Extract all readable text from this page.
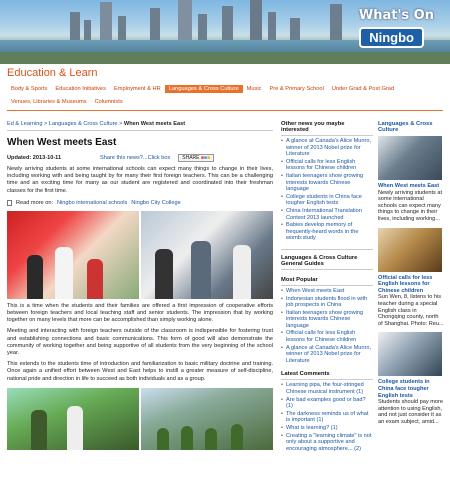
What's On
Ningbo
Education & Learn
Body & Sports	Education Initiatives	Employment & HR	Languages & Cross Culture	Music	Pre & Primary School	Under Grad & Post Grad
Venues, Libraries & Museums	Columnists
Ed & Learning > Languages & Cross Culture > When West meets East
When West meets East
Updated: 2013-10-11	Share this news?...Click box	SHARE ■■■

Newly arriving students at some international schools can expect many things to change in their lives, including working with and being taught by for many their first foreign teachers. This can be a challenging time and an exciting time for many as our student are registered and coordinated into their freshman classes for the first time.

Read more on: Ningbo international schools Ningbo City College

This is a time when the students and their families are offered a first impression of cooperative efforts between foreign teachers and local teaching staff and senior students. The impression that by working together on many levels that more can be accomplished than simply working alone.

Meeting and interacting with foreign teachers outside of the classroom is indispensible for fostering trust and establishing connections and basic communications. This form of good will also demonstrate the community of working together and being supportive of all students from the very beginning of the school year.

This extends to the students time of introduction and familiarization to basic military doctrine and training. Once again a unified effort between West and East helps to instill a greater measure of self-discipline, national pride and direction in life to succeed as both individuals and as a group.

Other news you maybe interested
• A glance at Canada's Alice Munro, winner of 2013 Nobel prize for Literature
• Official calls for less English lessons for Chinese children
• Italian teenagers show growing interests towards Chinese language
• College students in China face tougher English tests
• China International Translation Contest 2013 launched
• Babies develop memory of frequently-heard words in the womb:study
Languages & Cross Culture General Guides
Most Popular
• When West meets East
• Indonesian students flood in with job prospects in China
• Italian teenagers show growing interests towards Chinese language
• Official calls for less English lessons for Chinese children
• A glance at Canada's Alice Munro, winner of 2013 Nobel prize for Literature
Latest Comments
• Learning pipa, the four-stringed Chinese musical instrument (1)
• Are bad examples good or bad? (1)
• The darkness reminds us of what is important (1)
• What is learning? (1)
• Creating a "learning climate" is not only about a supportive and encouraging atmosphere... (2)
Languages & Cross Culture
When West meets East
Newly arriving students at some international schools can expect many things to change in their lives, including working...
Official calls for less English lessons for Chinese children
Sun Wen, 8, listens to his teacher during a special English class in Chongqing county, north of Shanghai. Photo: Reu...
College students in China face tougher English tests
Students should pay more attention to using English, and not just consider it as an exam subject, amid...
